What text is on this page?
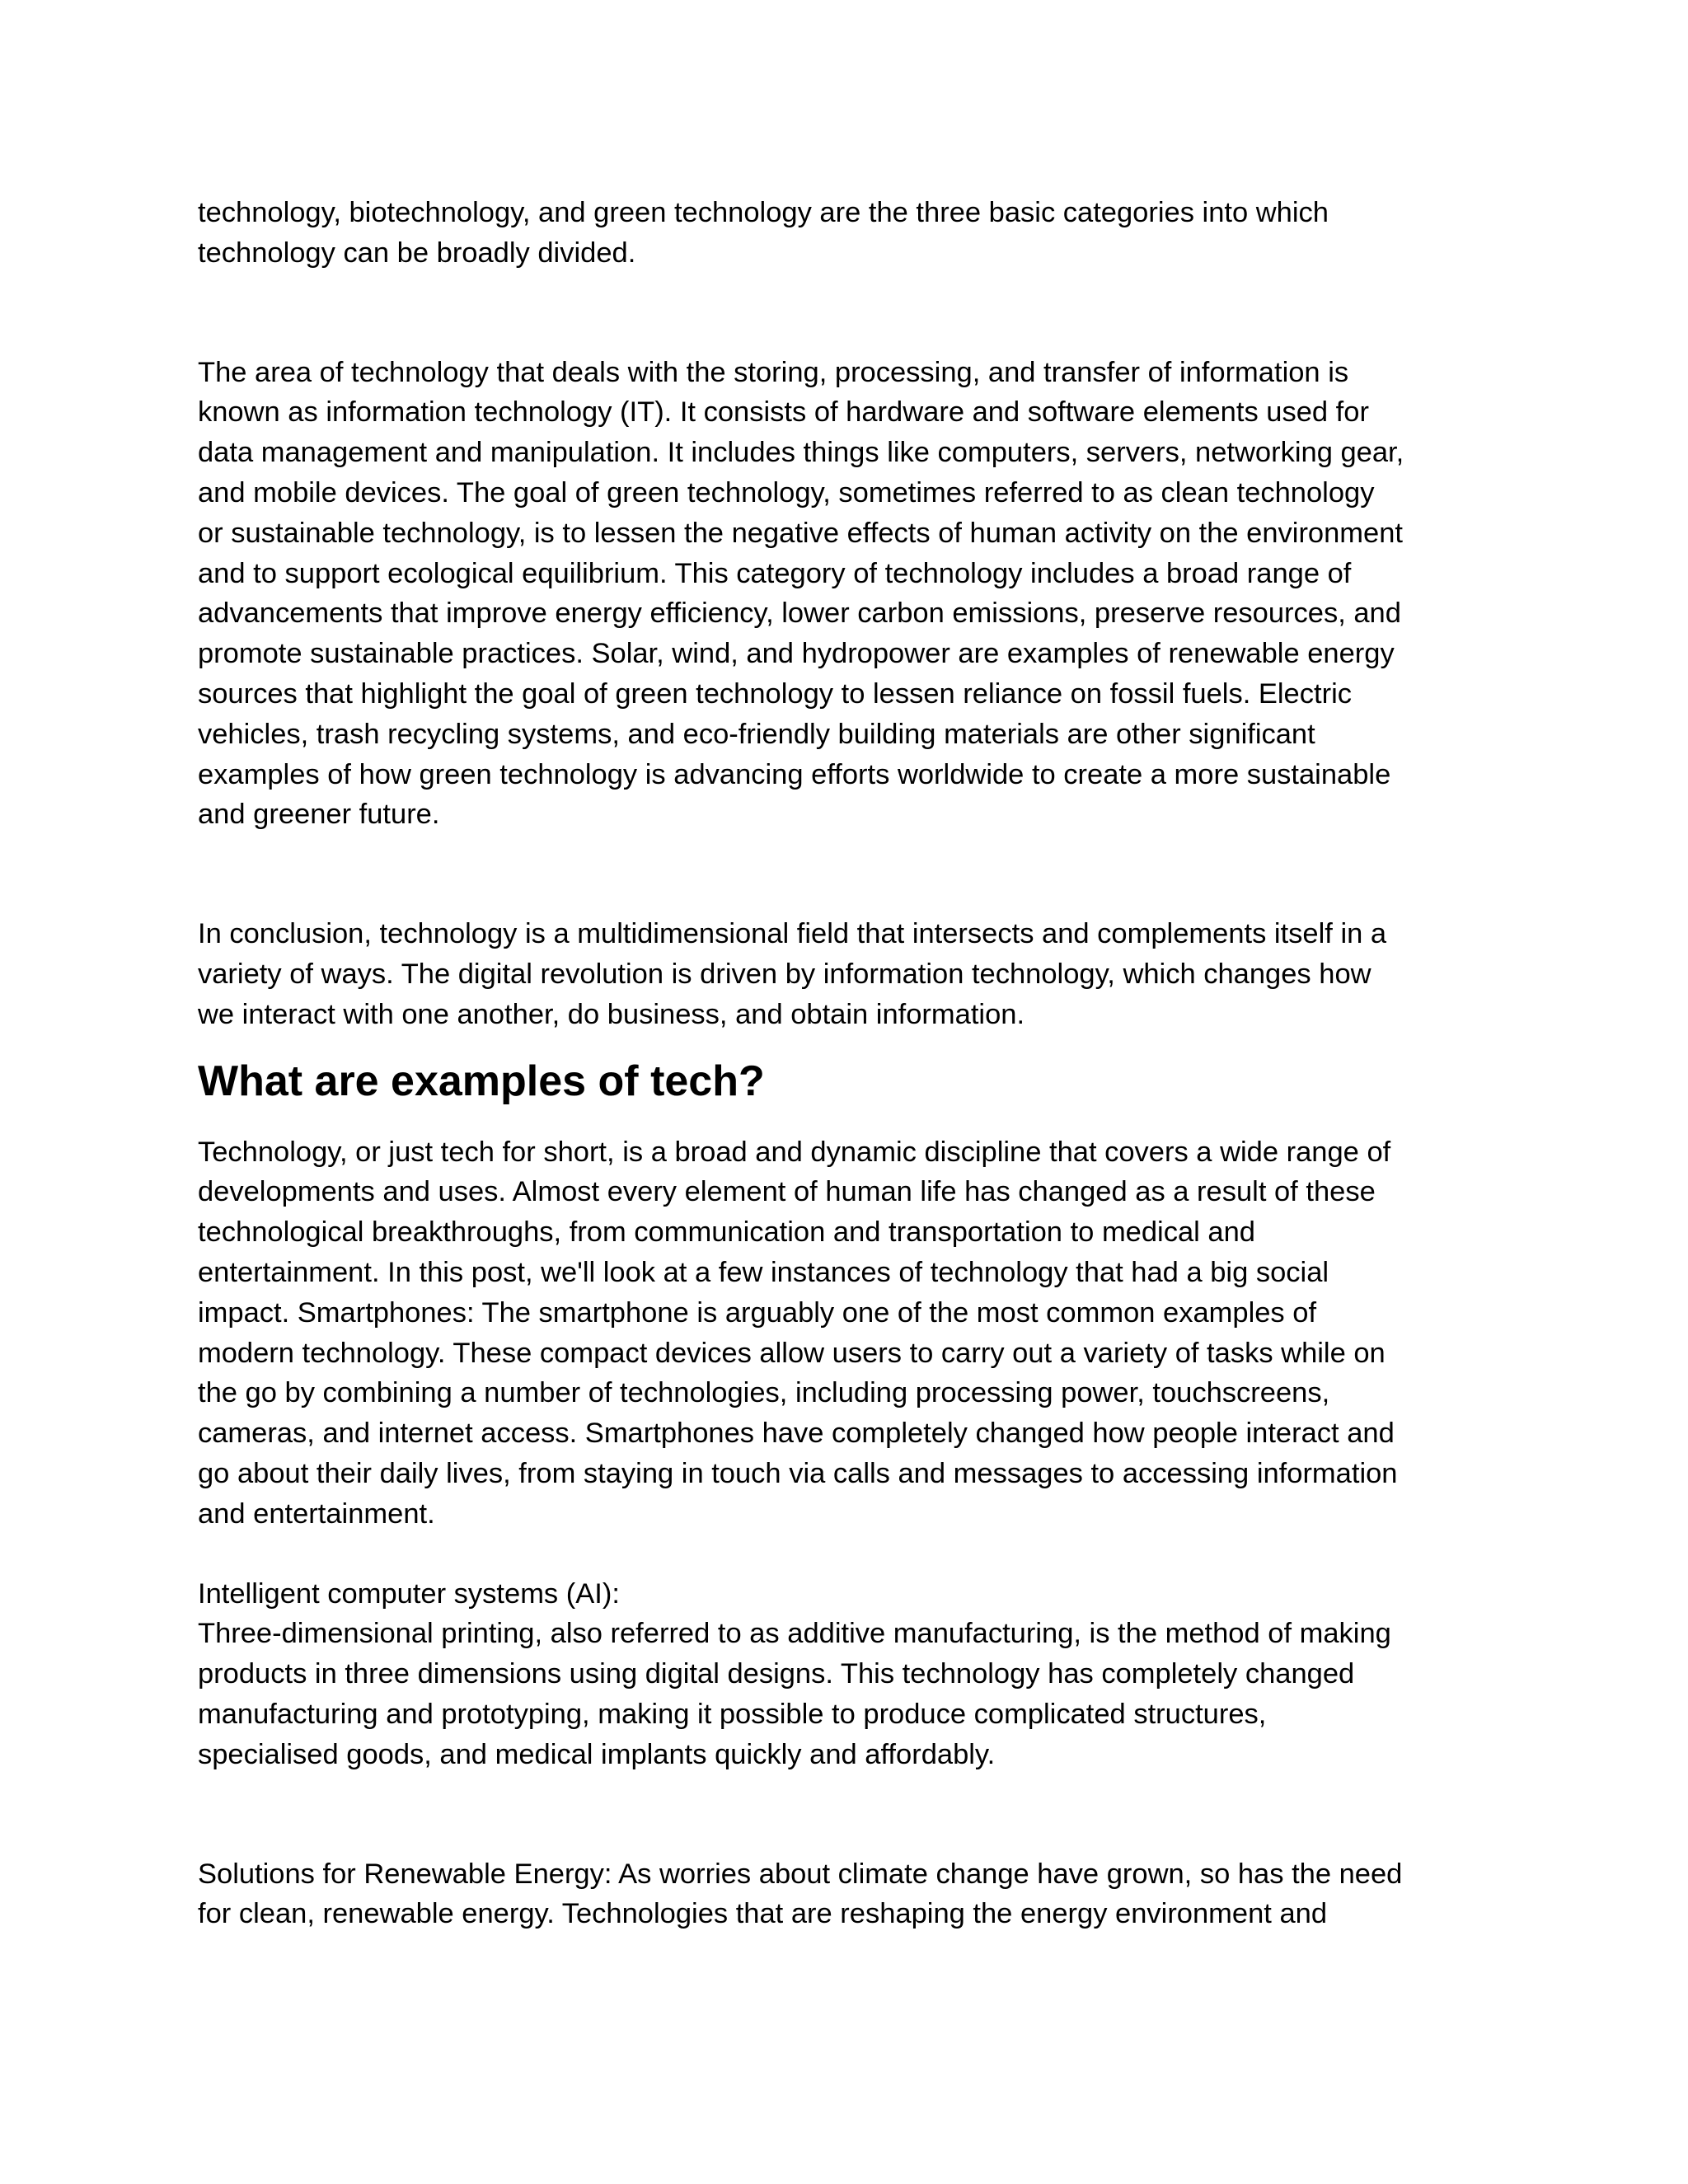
technology, biotechnology, and green technology are the three basic categories into which
technology can be broadly divided.

The area of technology that deals with the storing, processing, and transfer of information is
known as information technology (IT). It consists of hardware and software elements used for
data management and manipulation. It includes things like computers, servers, networking gear,
and mobile devices. The goal of green technology, sometimes referred to as clean technology
or sustainable technology, is to lessen the negative effects of human activity on the environment
and to support ecological equilibrium. This category of technology includes a broad range of
advancements that improve energy efficiency, lower carbon emissions, preserve resources, and
promote sustainable practices. Solar, wind, and hydropower are examples of renewable energy
sources that highlight the goal of green technology to lessen reliance on fossil fuels. Electric
vehicles, trash recycling systems, and eco-friendly building materials are other significant
examples of how green technology is advancing efforts worldwide to create a more sustainable
and greener future.

In conclusion, technology is a multidimensional field that intersects and complements itself in a
variety of ways. The digital revolution is driven by information technology, which changes how
we interact with one another, do business, and obtain information.

What are examples of tech?

Technology, or just tech for short, is a broad and dynamic discipline that covers a wide range of
developments and uses. Almost every element of human life has changed as a result of these
technological breakthroughs, from communication and transportation to medical and
entertainment. In this post, we'll look at a few instances of technology that had a big social
impact. Smartphones: The smartphone is arguably one of the most common examples of
modern technology. These compact devices allow users to carry out a variety of tasks while on
the go by combining a number of technologies, including processing power, touchscreens,
cameras, and internet access. Smartphones have completely changed how people interact and
go about their daily lives, from staying in touch via calls and messages to accessing information
and entertainment.

Intelligent computer systems (AI):
Three-dimensional printing, also referred to as additive manufacturing, is the method of making
products in three dimensions using digital designs. This technology has completely changed
manufacturing and prototyping, making it possible to produce complicated structures,
specialised goods, and medical implants quickly and affordably.

Solutions for Renewable Energy: As worries about climate change have grown, so has the need
for clean, renewable energy. Technologies that are reshaping the energy environment and
